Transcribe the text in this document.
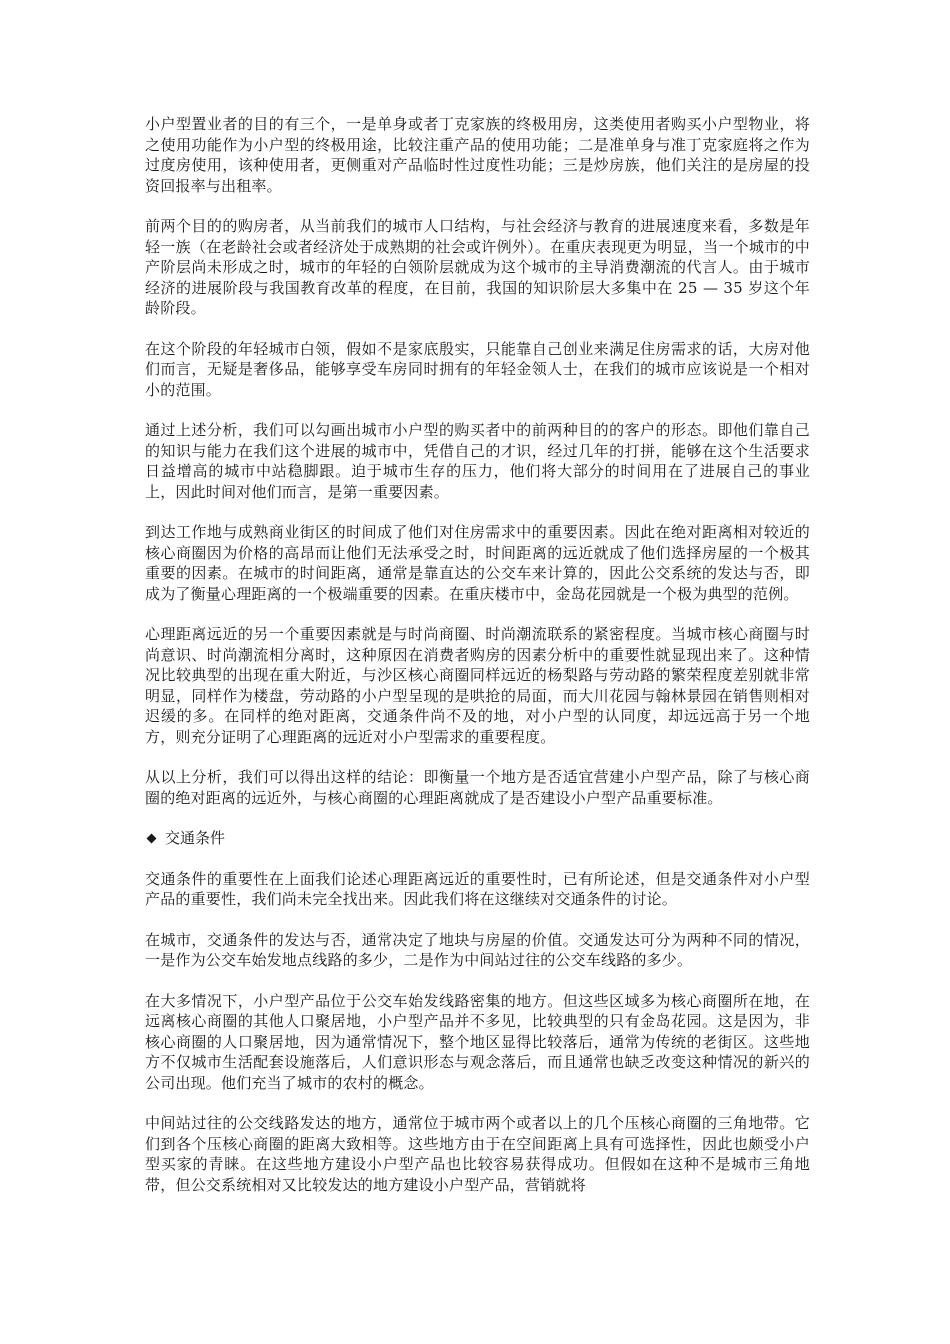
小户型置业者的目的有三个，一是单身或者丁克家族的终极用房，这类使用者购买小户型物业，将之使用功能作为小户型的终极用途，比较注重产品的使用功能；二是准单身与准丁克家庭将之作为过度房使用，该种使用者，更侧重对产品临时性过度性功能；三是炒房族，他们关注的是房屋的投资回报率与出租率。

前两个目的的购房者，从当前我们的城市人口结构，与社会经济与教育的进展速度来看，多数是年轻一族（在老龄社会或者经济处于成熟期的社会或许例外）。在重庆表现更为明显，当一个城市的中产阶层尚未形成之时，城市的年轻的白领阶层就成为这个城市的主导消费潮流的代言人。由于城市经济的进展阶段与我国教育改革的程度，在目前，我国的知识阶层大多集中在 25 — 35 岁这个年龄阶段。

在这个阶段的年轻城市白领，假如不是家底殷实，只能靠自己创业来满足住房需求的话，大房对他们而言，无疑是奢侈品，能够享受车房同时拥有的年轻金领人士，在我们的城市应该说是一个相对小的范围。

通过上述分析，我们可以勾画出城市小户型的购买者中的前两种目的的客户的形态。即他们靠自己的知识与能力在我们这个进展的城市中，凭借自己的才识，经过几年的打拼，能够在这个生活要求日益增高的城市中站稳脚跟。迫于城市生存的压力，他们将大部分的时间用在了进展自己的事业上，因此时间对他们而言，是第一重要因素。

到达工作地与成熟商业街区的时间成了他们对住房需求中的重要因素。因此在绝对距离相对较近的核心商圈因为价格的高昂而让他们无法承受之时，时间距离的远近就成了他们选择房屋的一个极其重要的因素。在城市的时间距离，通常是靠直达的公交车来计算的，因此公交系统的发达与否，即成为了衡量心理距离的一个极端重要的因素。在重庆楼市中，金岛花园就是一个极为典型的范例。

心理距离远近的另一个重要因素就是与时尚商圈、时尚潮流联系的紧密程度。当城市核心商圈与时尚意识、时尚潮流相分离时，这种原因在消费者购房的因素分析中的重要性就显现出来了。这种情况比较典型的出现在重大附近，与沙区核心商圈同样远近的杨梨路与劳动路的繁荣程度差别就非常明显，同样作为楼盘，劳动路的小户型呈现的是哄抢的局面，而大川花园与翰林景园在销售则相对迟缓的多。在同样的绝对距离，交通条件尚不及的地，对小户型的认同度，却远远高于另一个地方，则充分证明了心理距离的远近对小户型需求的重要程度。

从以上分析，我们可以得出这样的结论：即衡量一个地方是否适宜营建小户型产品，除了与核心商圈的绝对距离的远近外，与核心商圈的心理距离就成了是否建设小户型产品重要标准。

交通条件

交通条件的重要性在上面我们论述心理距离远近的重要性时，已有所论述，但是交通条件对小户型产品的重要性，我们尚未完全找出来。因此我们将在这继续对交通条件的讨论。

在城市，交通条件的发达与否，通常决定了地块与房屋的价值。交通发达可分为两种不同的情况，一是作为公交车始发地点线路的多少，二是作为中间站过往的公交车线路的多少。

在大多情况下，小户型产品位于公交车始发线路密集的地方。但这些区域多为核心商圈所在地，在远离核心商圈的其他人口聚居地，小户型产品并不多见，比较典型的只有金岛花园。这是因为，非核心商圈的人口聚居地，因为通常情况下，整个地区显得比较落后，通常为传统的老街区。这些地方不仅城市生活配套设施落后，人们意识形态与观念落后，而且通常也缺乏改变这种情况的新兴的公司出现。他们充当了城市的农村的概念。

中间站过往的公交线路发达的地方，通常位于城市两个或者以上的几个压核心商圈的三角地带。它们到各个压核心商圈的距离大致相等。这些地方由于在空间距离上具有可选择性，因此也颇受小户型买家的青睐。在这些地方建设小户型产品也比较容易获得成功。但假如在这种不是城市三角地带，但公交系统相对又比较发达的地方建设小户型产品，营销就将
